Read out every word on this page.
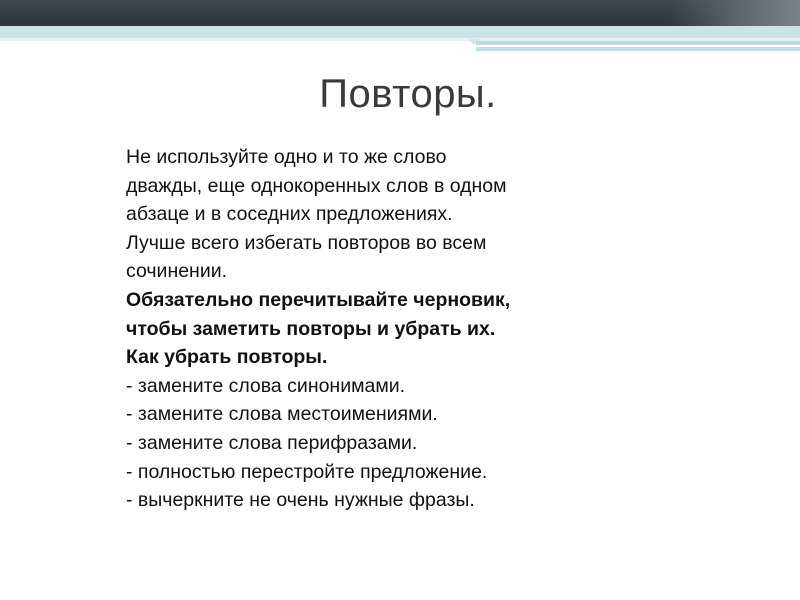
Повторы.
Не используйте одно и то же слово
дважды, еще однокоренных слов в одном
абзаце и в соседних предложениях.
Лучше всего избегать повторов во всем
сочинении.
Обязательно перечитывайте черновик,
чтобы заметить повторы и убрать их.
Как убрать повторы.
- замените слова синонимами.
- замените слова местоимениями.
- замените слова перифразами.
- полностью перестройте предложение.
- вычеркните не очень нужные фразы.
